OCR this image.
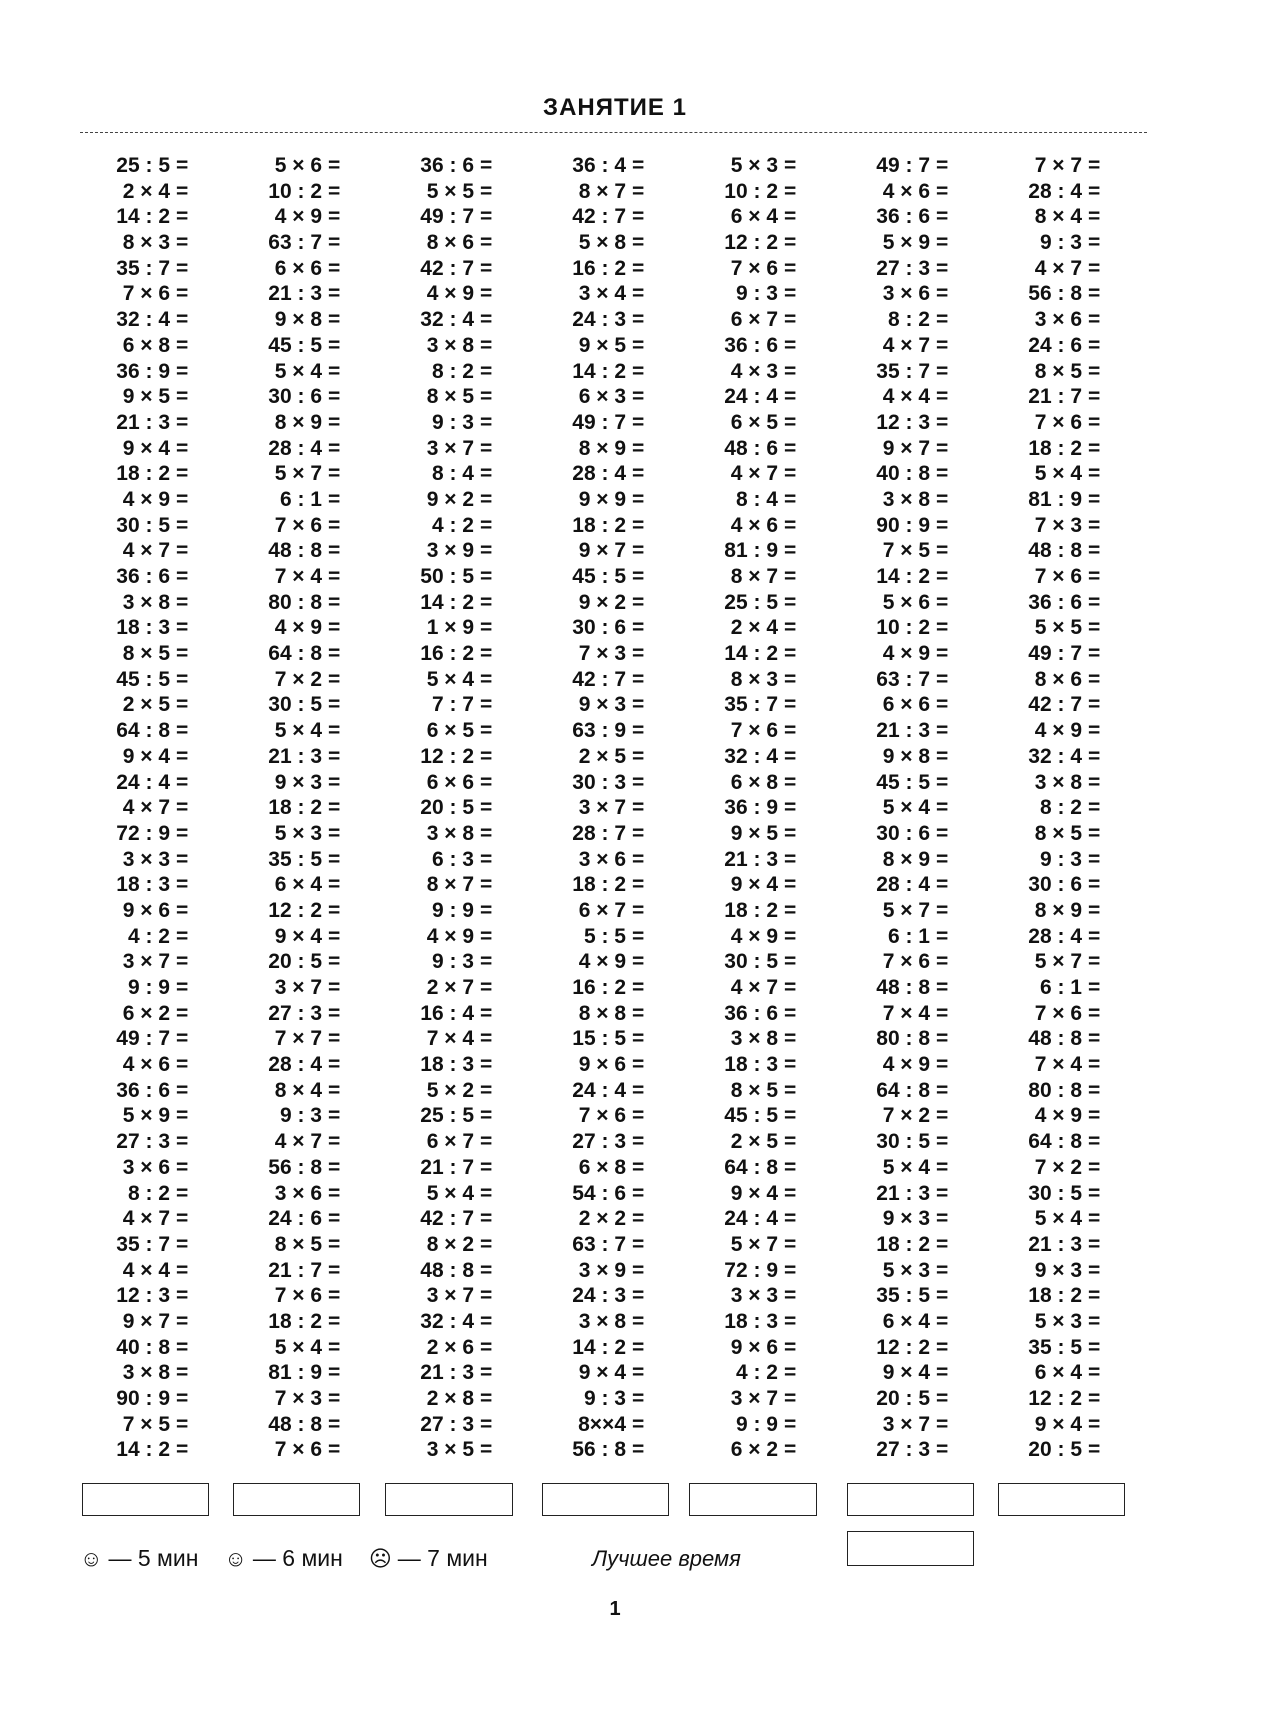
ЗАНЯТИЕ 1
25 : 5 =
2 × 4 =
14 : 2 =
8 × 3 =
35 : 7 =
7 × 6 =
32 : 4 =
6 × 8 =
36 : 9 =
9 × 5 =
21 : 3 =
9 × 4 =
18 : 2 =
4 × 9 =
30 : 5 =
4 × 7 =
36 : 6 =
3 × 8 =
18 : 3 =
8 × 5 =
45 : 5 =
2 × 5 =
64 : 8 =
9 × 4 =
24 : 4 =
4 × 7 =
72 : 9 =
3 × 3 =
18 : 3 =
9 × 6 =
4 : 2 =
3 × 7 =
9 : 9 =
6 × 2 =
49 : 7 =
4 × 6 =
36 : 6 =
5 × 9 =
27 : 3 =
3 × 6 =
8 : 2 =
4 × 7 =
35 : 7 =
4 × 4 =
12 : 3 =
9 × 7 =
40 : 8 =
3 × 8 =
90 : 9 =
7 × 5 =
14 : 2 =
5 × 6 =
10 : 2 =
4 × 9 =
63 : 7 =
6 × 6 =
21 : 3 =
9 × 8 =
45 : 5 =
5 × 4 =
30 : 6 =
8 × 9 =
28 : 4 =
5 × 7 =
6 : 1 =
7 × 6 =
48 : 8 =
7 × 4 =
80 : 8 =
4 × 9 =
64 : 8 =
7 × 2 =
30 : 5 =
5 × 4 =
21 : 3 =
9 × 3 =
18 : 2 =
5 × 3 =
35 : 5 =
6 × 4 =
12 : 2 =
9 × 4 =
20 : 5 =
3 × 7 =
27 : 3 =
7 × 7 =
28 : 4 =
8 × 4 =
9 : 3 =
4 × 7 =
56 : 8 =
3 × 6 =
24 : 6 =
8 × 5 =
21 : 7 =
7 × 6 =
18 : 2 =
5 × 4 =
81 : 9 =
7 × 3 =
48 : 8 =
7 × 6 =
36 : 6 =
5 × 5 =
49 : 7 =
8 × 6 =
42 : 7 =
4 × 9 =
32 : 4 =
3 × 8 =
8 : 2 =
8 × 5 =
9 : 3 =
3 × 7 =
8 : 4 =
9 × 2 =
4 : 2 =
3 × 9 =
50 : 5 =
14 : 2 =
1 × 9 =
16 : 2 =
5 × 4 =
7 : 7 =
6 × 5 =
12 : 2 =
6 × 6 =
20 : 5 =
3 × 8 =
6 : 3 =
8 × 7 =
9 : 9 =
4 × 9 =
9 : 3 =
2 × 7 =
16 : 4 =
7 × 4 =
18 : 3 =
5 × 2 =
25 : 5 =
6 × 7 =
21 : 7 =
5 × 4 =
42 : 7 =
8 × 2 =
48 : 8 =
3 × 7 =
32 : 4 =
2 × 6 =
21 : 3 =
2 × 8 =
27 : 3 =
3 × 5 =
36 : 4 =
8 × 7 =
42 : 7 =
5 × 8 =
16 : 2 =
3 × 4 =
24 : 3 =
9 × 5 =
14 : 2 =
6 × 3 =
49 : 7 =
8 × 9 =
28 : 4 =
9 × 9 =
18 : 2 =
9 × 7 =
45 : 5 =
9 × 2 =
30 : 6 =
7 × 3 =
42 : 7 =
9 × 3 =
63 : 9 =
2 × 5 =
30 : 3 =
3 × 7 =
28 : 7 =
3 × 6 =
18 : 2 =
6 × 7 =
5 : 5 =
4 × 9 =
16 : 2 =
8 × 8 =
15 : 5 =
9 × 6 =
24 : 4 =
7 × 6 =
27 : 3 =
6 × 8 =
54 : 6 =
2 × 2 =
63 : 7 =
3 × 9 =
24 : 3 =
3 × 8 =
14 : 2 =
9 × 4 =
9 : 3 =
8××4 =
56 : 8 =
5 × 3 =
10 : 2 =
6 × 4 =
12 : 2 =
7 × 6 =
9 : 3 =
6 × 7 =
36 : 6 =
4 × 3 =
24 : 4 =
6 × 5 =
48 : 6 =
4 × 7 =
8 : 4 =
4 × 6 =
81 : 9 =
8 × 7 =
25 : 5 =
2 × 4 =
14 : 2 =
8 × 3 =
35 : 7 =
7 × 6 =
32 : 4 =
6 × 8 =
36 : 9 =
9 × 5 =
21 : 3 =
9 × 4 =
18 : 2 =
4 × 9 =
30 : 5 =
4 × 7 =
36 : 6 =
3 × 8 =
18 : 3 =
8 × 5 =
45 : 5 =
2 × 5 =
64 : 8 =
9 × 4 =
24 : 4 =
5 × 7 =
72 : 9 =
3 × 3 =
18 : 3 =
9 × 6 =
4 : 2 =
3 × 7 =
9 : 9 =
6 × 2 =
49 : 7 =
4 × 6 =
36 : 6 =
5 × 9 =
27 : 3 =
3 × 6 =
8 : 2 =
4 × 7 =
35 : 7 =
4 × 4 =
12 : 3 =
9 × 7 =
40 : 8 =
3 × 8 =
90 : 9 =
7 × 5 =
14 : 2 =
5 × 6 =
10 : 2 =
4 × 9 =
63 : 7 =
6 × 6 =
21 : 3 =
9 × 8 =
45 : 5 =
5 × 4 =
30 : 6 =
8 × 9 =
28 : 4 =
5 × 7 =
6 : 1 =
7 × 6 =
48 : 8 =
7 × 4 =
80 : 8 =
4 × 9 =
64 : 8 =
7 × 2 =
30 : 5 =
5 × 4 =
21 : 3 =
9 × 3 =
18 : 2 =
5 × 3 =
35 : 5 =
6 × 4 =
12 : 2 =
9 × 4 =
20 : 5 =
3 × 7 =
27 : 3 =
7 × 7 =
28 : 4 =
8 × 4 =
9 : 3 =
4 × 7 =
56 : 8 =
3 × 6 =
24 : 6 =
8 × 5 =
21 : 7 =
7 × 6 =
18 : 2 =
5 × 4 =
81 : 9 =
7 × 3 =
48 : 8 =
7 × 6 =
36 : 6 =
5 × 5 =
49 : 7 =
8 × 6 =
42 : 7 =
4 × 9 =
32 : 4 =
3 × 8 =
8 : 2 =
8 × 5 =
9 : 3 =
30 : 6 =
8 × 9 =
28 : 4 =
5 × 7 =
6 : 1 =
7 × 6 =
48 : 8 =
7 × 4 =
80 : 8 =
4 × 9 =
64 : 8 =
7 × 2 =
30 : 5 =
5 × 4 =
21 : 3 =
9 × 3 =
18 : 2 =
5 × 3 =
35 : 5 =
6 × 4 =
12 : 2 =
9 × 4 =
20 : 5 =
☺ — 5 мин ☺ — 6 мин ☹ — 7 мин	Лучшее время
1
